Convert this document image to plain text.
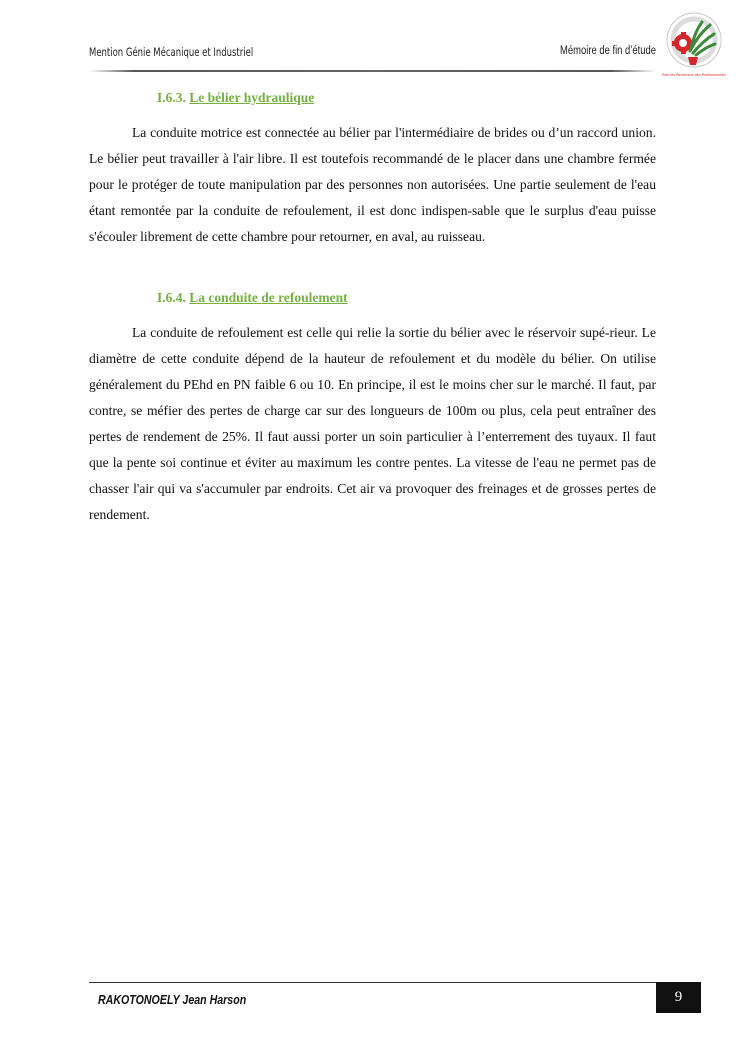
Mention Génie Mécanique et Industriel	Mémoire de fin d’étude
Premier Partenaire des Professionnels
I.6.3. Le bélier hydraulique

La conduite motrice est connectée au bélier par l'intermédiaire de brides ou d’un raccord union. Le bélier peut travailler à l'air libre. Il est toutefois recommandé de le placer dans une chambre fermée pour le protéger de toute manipulation par des personnes non autorisées. Une partie seulement de l'eau étant remontée par la conduite de refoulement, il est donc indispen-sable que le surplus d'eau puisse s'écouler librement de cette chambre pour retourner, en aval, au ruisseau.

I.6.4. La conduite de refoulement

La conduite de refoulement est celle qui relie la sortie du bélier avec le réservoir supé-rieur. Le diamètre de cette conduite dépend de la hauteur de refoulement et du modèle du bélier. On utilise généralement du PEhd en PN faible 6 ou 10. En principe, il est le moins cher sur le marché. Il faut, par contre, se méfier des pertes de charge car sur des longueurs de 100m ou plus, cela peut entraîner des pertes de rendement de 25%. Il faut aussi porter un soin particulier à l’enterrement des tuyaux. Il faut que la pente soi continue et éviter au maximum les contre pentes. La vitesse de l'eau ne permet pas de chasser l'air qui va s'accumuler par endroits. Cet air va provoquer des freinages et de grosses pertes de rendement.

RAKOTONOELY Jean Harson	9
